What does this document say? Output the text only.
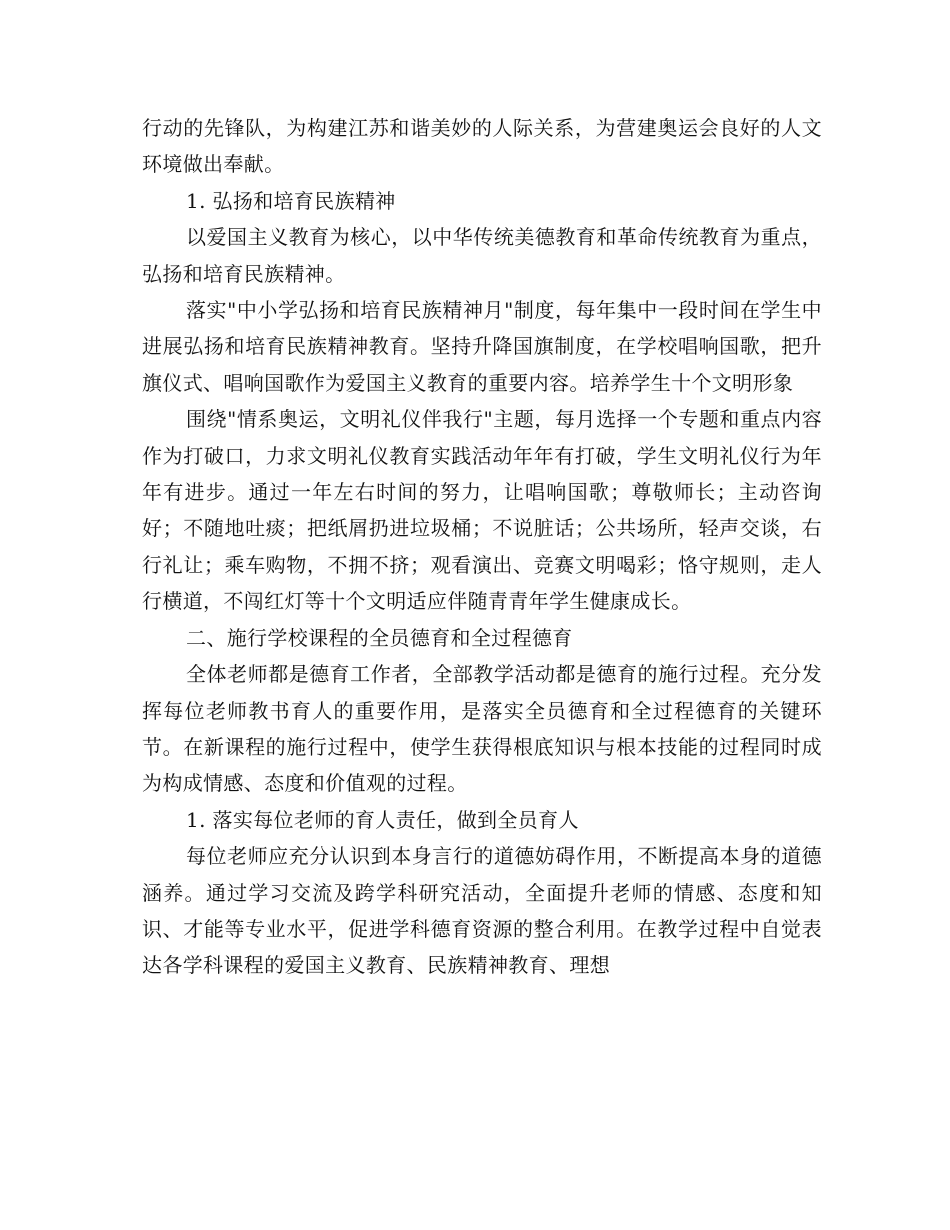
行动的先锋队，为构建江苏和谐美妙的人际关系，为营建奥运会良好的人文环境做出奉献。

1. 弘扬和培育民族精神

以爱国主义教育为核心，以中华传统美德教育和革命传统教育为重点，弘扬和培育民族精神。

落实"中小学弘扬和培育民族精神月"制度，每年集中一段时间在学生中进展弘扬和培育民族精神教育。坚持升降国旗制度，在学校唱响国歌，把升旗仪式、唱响国歌作为爱国主义教育的重要内容。培养学生十个文明形象

围绕"情系奥运，文明礼仪伴我行"主题，每月选择一个专题和重点内容作为打破口，力求文明礼仪教育实践活动年年有打破，学生文明礼仪行为年年有进步。通过一年左右时间的努力，让唱响国歌；尊敬师长；主动咨询好；不随地吐痰；把纸屑扔进垃圾桶；不说脏话；公共场所，轻声交谈，右行礼让；乘车购物，不拥不挤；观看演出、竞赛文明喝彩；恪守规则，走人行横道，不闯红灯等十个文明适应伴随青青年学生健康成长。

二、施行学校课程的全员德育和全过程德育

全体老师都是德育工作者，全部教学活动都是德育的施行过程。充分发挥每位老师教书育人的重要作用，是落实全员德育和全过程德育的关键环节。在新课程的施行过程中，使学生获得根底知识与根本技能的过程同时成为构成情感、态度和价值观的过程。

1. 落实每位老师的育人责任，做到全员育人

每位老师应充分认识到本身言行的道德妨碍作用，不断提高本身的道德涵养。通过学习交流及跨学科研究活动，全面提升老师的情感、态度和知识、才能等专业水平，促进学科德育资源的整合利用。在教学过程中自觉表达各学科课程的爱国主义教育、民族精神教育、理想
